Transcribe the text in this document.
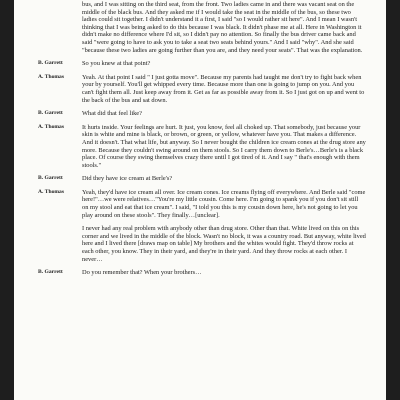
bus, and I was sitting on the third seat, from the front. Two ladies came in and there was vacant seat on the middle of the black bus. And they asked me if I would take the seat in the middle of the bus, so these two ladies could sit together. I didn't understand it a first, I said "so I would rather sit here". And I mean I wasn't thinking that I was being asked to do this because I was black. It didn't phase me at all. Here in Washington it didn't make no difference where I'd sit, so I didn't pay no attention. So finally the bus driver came back and said "were going to have to ask you to take a seat two seats behind yours." And I said "why". And she said "because these two ladies are going further than you are, and they need your seats". That was the explanation.

B. Garrett	So you knew at that point?

A. Thomas	Yeah. At that point I said " I just gotta move". Because my parents had taught me don't try to fight back when your by yourself. You'll get whipped every time. Because more than one is going to jump on you. And you can't fight them all. Just keep away from it. Get as far as possible away from it. So I just got on up and went to the back of the bus and sat down.

B. Garrett	What did that feel like?

A. Thomas	It hurts inside. Your feelings are hurt. It just, you know, feel all choked up. That somebody, just because your skin is white and mine is black, or brown, or green, or yellow, whatever have you. That makes a difference. And it doesn't. That what life, but anyway. So I never bought the children ice cream cones at the drug store any more. Because they couldn't swing around on them stools. So I carry them down to Berle's…Berle's is a black place. Of course they swing themselves crazy there until I got tired of it. And I say " that's enough with them stools."

B. Garrett	Did they have ice cream at Berle's?

A. Thomas	Yeah, they'd have ice cream all over. Ice cream cones. Ice creams flying off everywhere. And Berle said "come here!"…we were relatives…"You're my little cousin. Come here. I'm going to spank you if you don't sit still on my stool and eat that ice cream". I said, "I told you this is my cousin down here, he's not going to let you play around on these stools". They finally…[unclear].

I never had any real problem with anybody other than drug store. Other than that. White lived on this on this corner and we lived in the middle of the block. Wasn't no block, it was a country road. But anyway, white lived here and I lived there [draws map on table] My brothers and the whites would fight. They'd throw rocks at each other, you know. They in their yard, and they're in their yard. And they throw rocks at each other. I never…

B. Garrett	Do you remember that? When your brothers…
